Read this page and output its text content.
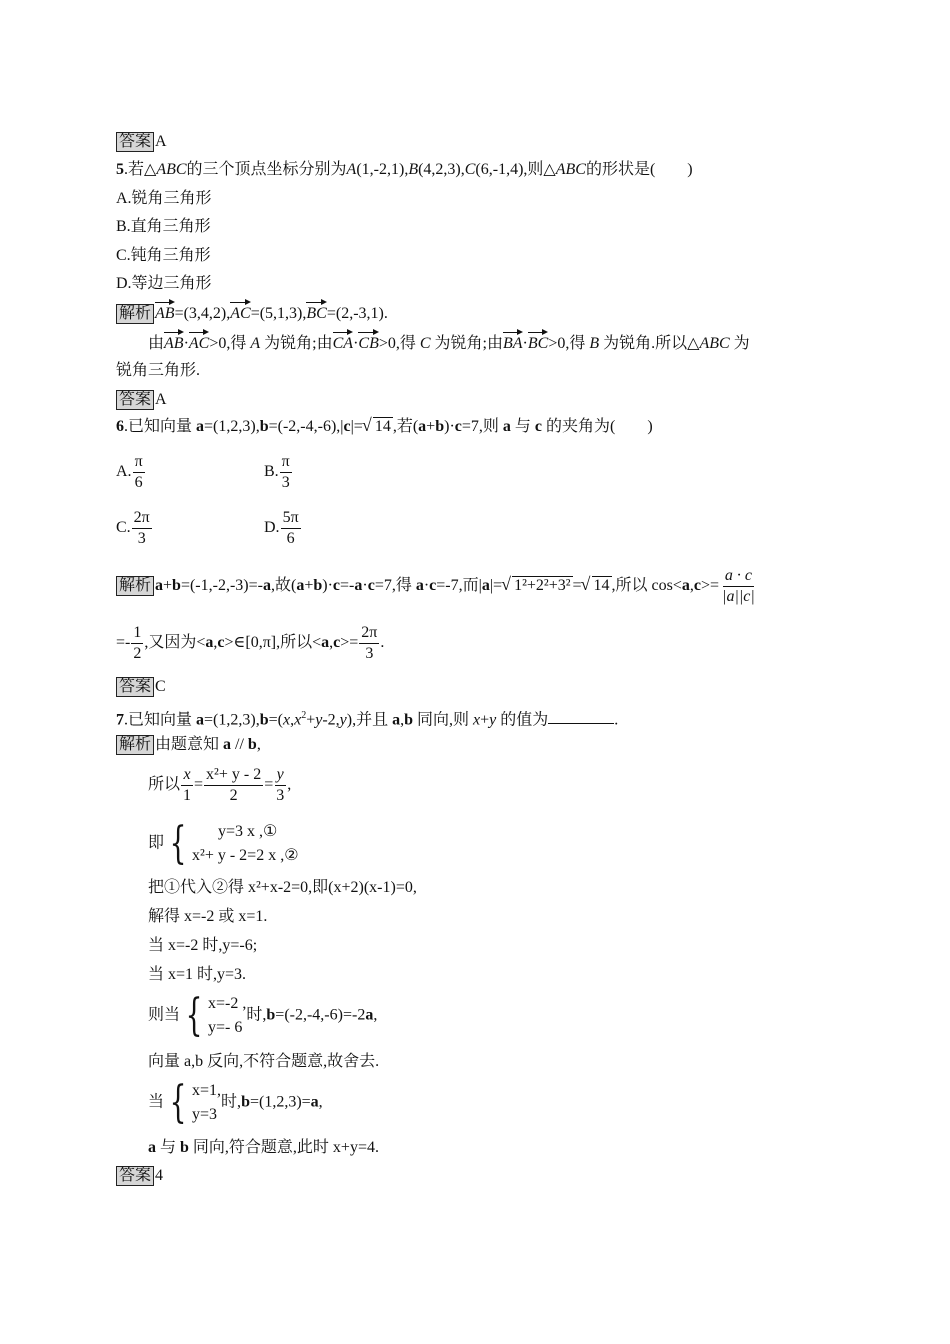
答案 A
5.若△ABC的三个顶点坐标分别为A(1,-2,1),B(4,2,3),C(6,-1,4),则△ABC的形状是(　　)
A.锐角三角形
B.直角三角形
C.钝角三角形
D.等边三角形
解析 AB=(3,4,2),AC=(5,1,3),BC=(2,-3,1).
由AB·AC>0,得 A 为锐角;由CA·CB>0,得 C 为锐角;由BA·BC>0,得 B 为锐角.所以△ABC 为
锐角三角形.
答案 A
6.已知向量 a=(1,2,3),b=(-2,-4,-6),|c|= √ 14 ,若(a+b)·c=7,则 a 与 c 的夹角为(　　)
A. $\frac{\pi}{6}$	B. $\frac{\pi}{3}$
C. $\frac{2\pi}{3}$	D. $\frac{5\pi}{6}$
解析 a+b=(-1,-2,-3)=-a,故(a+b)·c=-a·c=7,得 a·c=-7,而|a|= √ 1²+2²+3² = √ 14 ,所以 $\cos<a,c>= \frac{a \cdot c}{|a||c|}$
=- $\frac{1}{2}$ ,又因为<a,c>∈[0,π],所以$<a,c>= \frac{2\pi}{3}$ .
答案 C
7.已知向量 $a=(1,2,3),b=(x,x^2+y-2,y)$,并且 a,b 同向,则 x+y 的值为	.
解析 由题意知 a // b,
所以 $\frac{x}{1} = \frac{\text{x²+ y - 2}}{2} = \frac{y}{3}$ ,
即 {	y=3 x ,①
x²+ y - 2=2 x ,②
把①代入②得 x²+x-2=0,即(x+2)(x-1)=0,
解得 x=-2 或 x=1.
当 x=-2 时,y=-6;
当 x=1 时,y=3.
则当 { x=-2 ,
y=- 6
时,b=(-2,-4,-6)=-2a,
向量 a,b 反向,不符合题意,故舍去.
当 { x=1,
y=3
时,b=(1,2,3)=a,
a 与 b 同向,符合题意,此时 x+y=4.
答案 4
